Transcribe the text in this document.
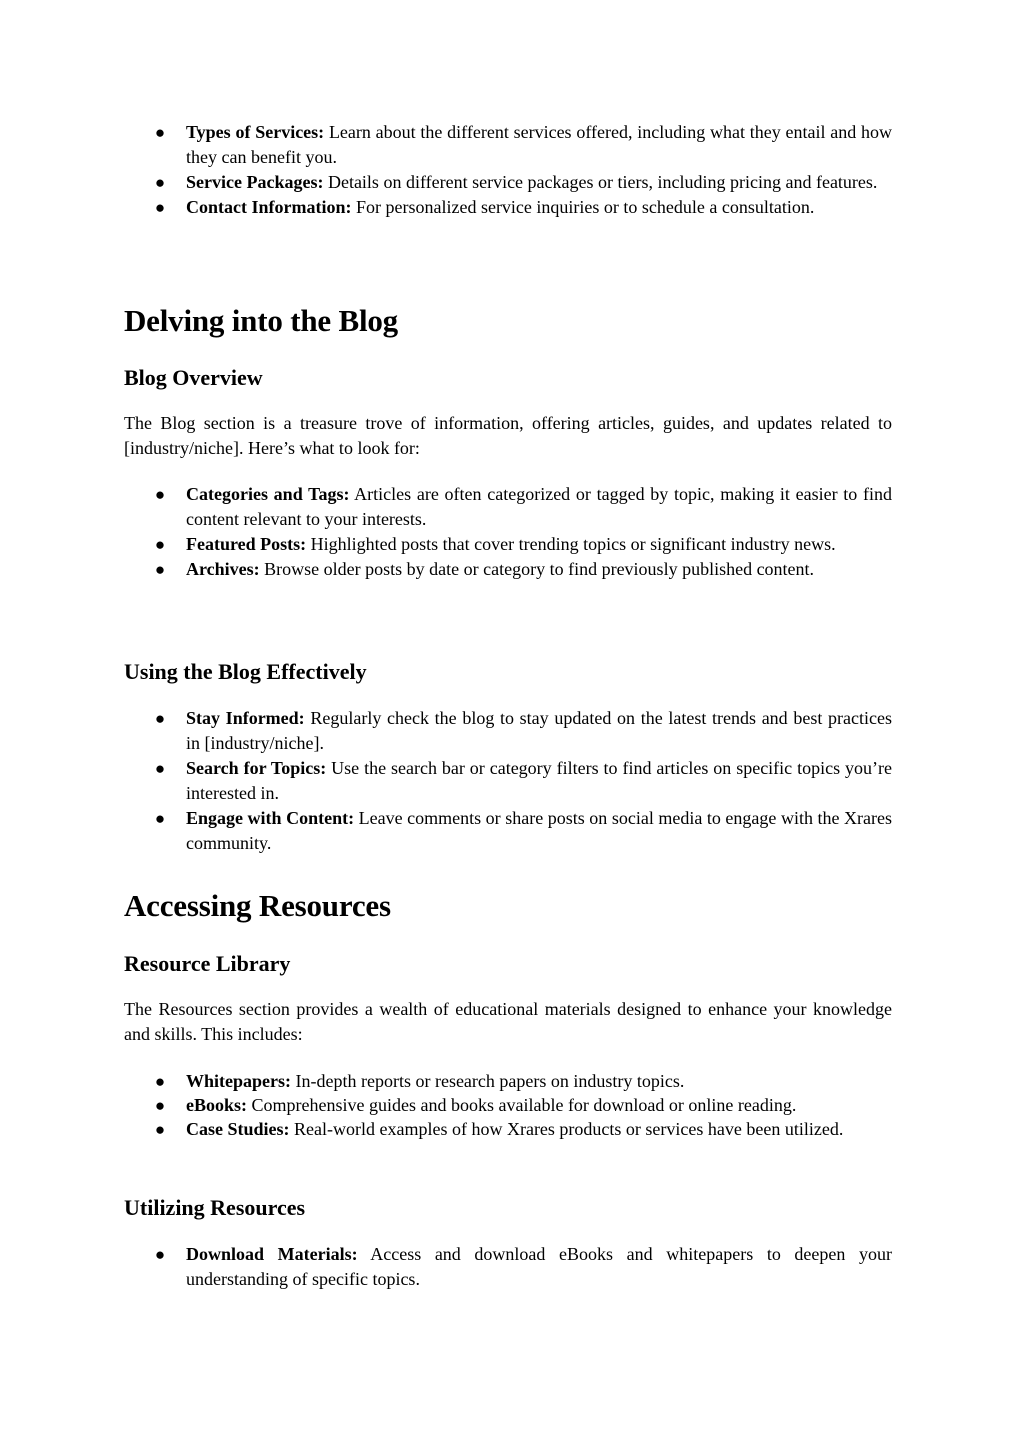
● Types of Services: Learn about the different services offered, including what they entail and how they can benefit you.
● Service Packages: Details on different service packages or tiers, including pricing and features.
● Contact Information: For personalized service inquiries or to schedule a consultation.
Delving into the Blog
Blog Overview

The Blog section is a treasure trove of information, offering articles, guides, and updates related to [industry/niche]. Here’s what to look for:

● Categories and Tags: Articles are often categorized or tagged by topic, making it easier to find content relevant to your interests.
● Featured Posts: Highlighted posts that cover trending topics or significant industry news.
● Archives: Browse older posts by date or category to find previously published content.
Using the Blog Effectively
● Stay Informed: Regularly check the blog to stay updated on the latest trends and best practices in [industry/niche].
● Search for Topics: Use the search bar or category filters to find articles on specific topics you’re interested in.
● Engage with Content: Leave comments or share posts on social media to engage with the Xrares community.
Accessing Resources
Resource Library

The Resources section provides a wealth of educational materials designed to enhance your knowledge and skills. This includes:

● Whitepapers: In-depth reports or research papers on industry topics.
● eBooks: Comprehensive guides and books available for download or online reading.
● Case Studies: Real-world examples of how Xrares products or services have been utilized.
Utilizing Resources
● Download Materials: Access and download eBooks and whitepapers to deepen your understanding of specific topics.
